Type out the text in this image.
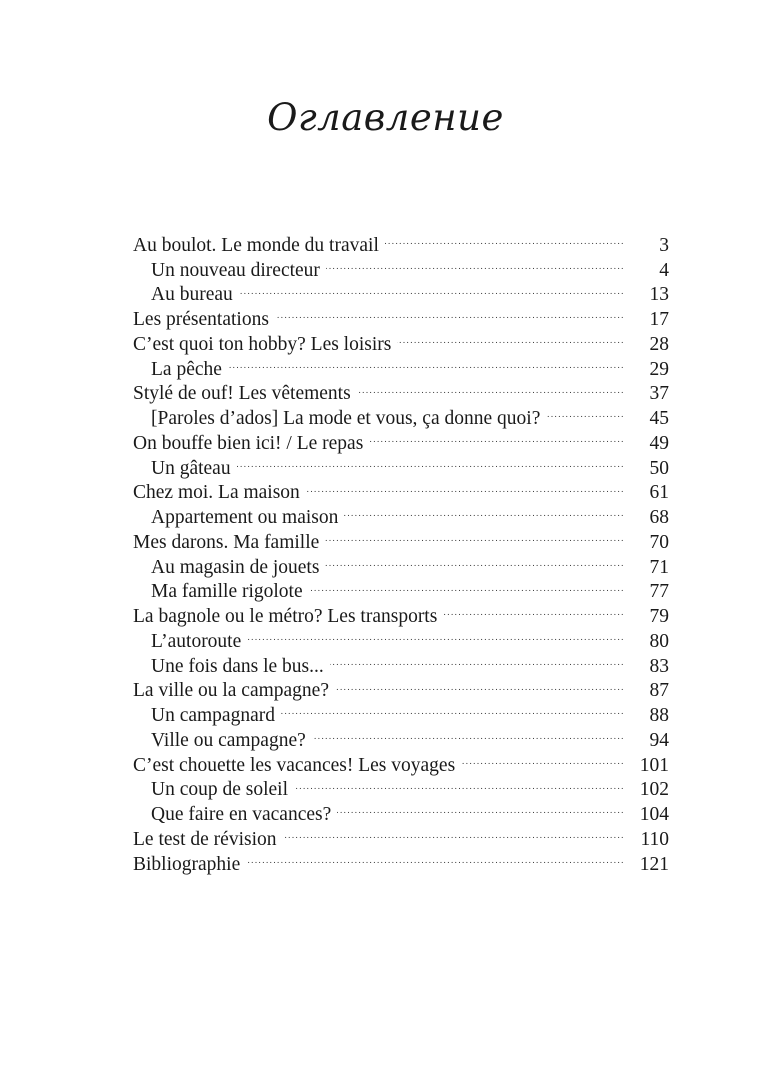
Оглавление
Au boulot. Le monde du travail . . .	3
Un nouveau directeur . . .	4
Au bureau . . .	13
Les présentations . . .	17
C’est quoi ton hobby? Les loisirs . . .	28
La pêche . . .	29
Stylé de ouf! Les vêtements . . .	37
[Paroles d’ados] La mode et vous, ça donne quoi? . . .	45
On bouffe bien ici! / Le repas . . .	49
Un gâteau . . .	50
Chez moi. La maison . . .	61
Appartement ou maison . . .	68
Mes darons. Ma famille . . .	70
Au magasin de jouets . . .	71
Ma famille rigolote . . .	77
La bagnole ou le métro? Les transports . . .	79
L’autoroute . . .	80
Une fois dans le bus... . . .	83
La ville ou la campagne? . . .	87
Un campagnard . . .	88
Ville ou campagne? . . .	94
C’est chouette les vacances! Les voyages . . .	101
Un coup de soleil . . .	102
Que faire en vacances? . . .	104
Le test de révision . . .	110
Bibliographie . . .	121
